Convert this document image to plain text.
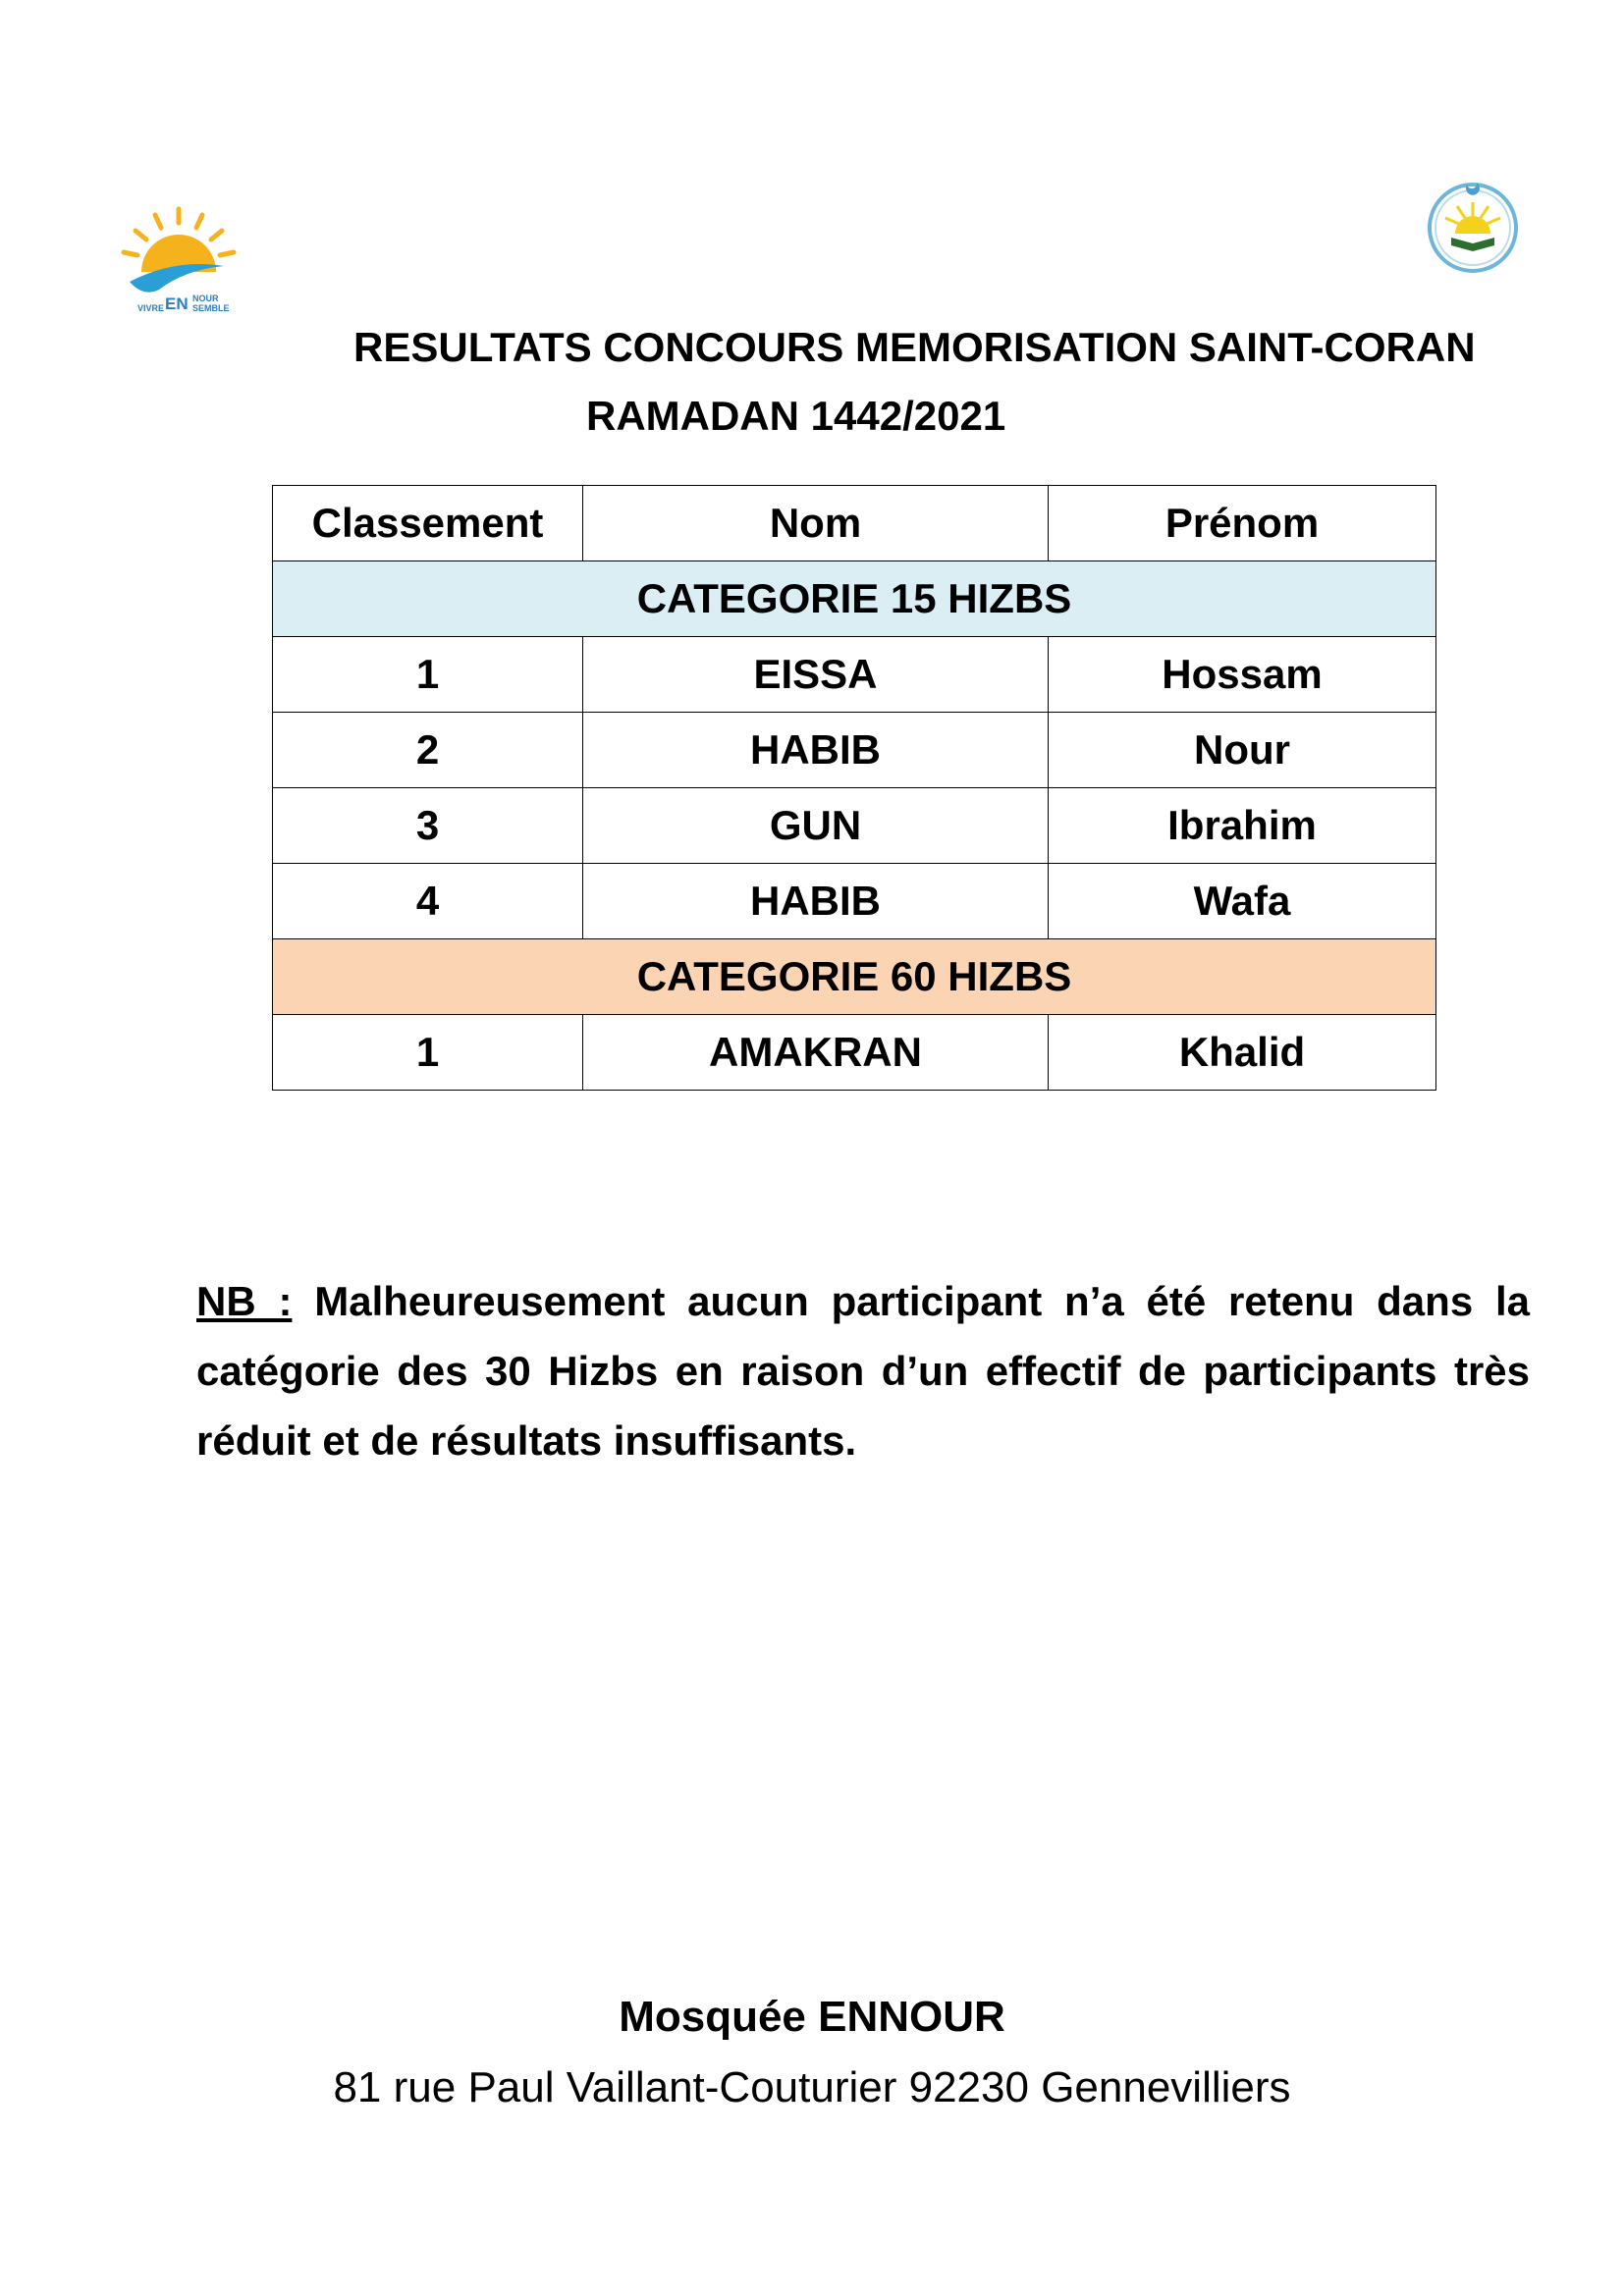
VIVRE EN NOUR
SEMBLE
RESULTATS CONCOURS MEMORISATION SAINT-CORAN
RAMADAN 1442/2021
Classement	Nom	Prénom
CATEGORIE 15 HIZBS		
1	EISSA	Hossam
2	HABIB	Nour
3	GUN	Ibrahim
4	HABIB	Wafa
CATEGORIE 60 HIZBS		
1	AMAKRAN	Khalid
NB : Malheureusement aucun participant n’a été retenu dans la catégorie des 30 Hizbs en raison d’un effectif de participants très réduit et de résultats insuffisants.
Mosquée ENNOUR
81 rue Paul Vaillant-Couturier 92230 Gennevilliers
